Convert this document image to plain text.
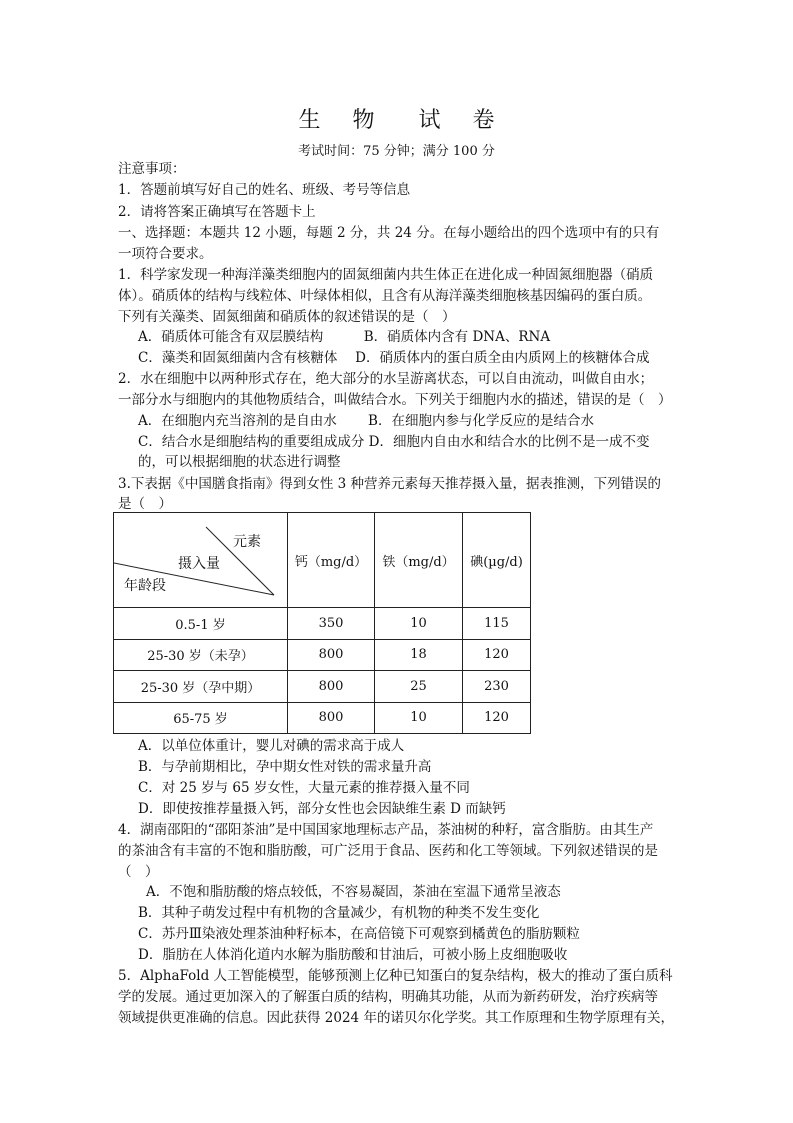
生 物 试 卷
考试时间：75 分钟；满分 100 分
注意事项：
1．答题前填写好自己的姓名、班级、考号等信息
2．请将答案正确填写在答题卡上
一、选择题：本题共 12 小题，每题 2 分，共 24 分。在每小题给出的四个选项中有的只有
一项符合要求。
1．科学家发现一种海洋藻类细胞内的固氮细菌内共生体正在进化成一种固氮细胞器（硝质
体）。硝质体的结构与线粒体、叶绿体相似，且含有从海洋藻类细胞核基因编码的蛋白质。
下列有关藻类、固氮细菌和硝质体的叙述错误的是（　）
A．硝质体可能含有双层膜结构　　　B．硝质体内含有 DNA、RNA
C．藻类和固氮细菌内含有核糖体　 D．硝质体内的蛋白质全由内质网上的核糖体合成
2．水在细胞中以两种形式存在，绝大部分的水呈游离状态，可以自由流动，叫做自由水；
一部分水与细胞内的其他物质结合，叫做结合水。下列关于细胞内水的描述，错误的是（　）
A．在细胞内充当溶剂的是自由水　　 B．在细胞内参与化学反应的是结合水
C．结合水是细胞结构的重要组成成分 D．细胞内自由水和结合水的比例不是一成不变
的，可以根据细胞的状态进行调整
3.下表据《中国膳食指南》得到女性 3 种营养元素每天推荐摄入量，据表推测，下列错误的
是（　）
元素
摄入量
年龄段	钙（mg/d）	铁（mg/d）	碘(µg/d)
0.5-1 岁	350	10	115
25-30 岁（未孕）	800	18	120
25-30 岁（孕中期）	800	25	230
65-75 岁	800	10	120
A．以单位体重计，婴儿对碘的需求高于成人
B．与孕前期相比，孕中期女性对铁的需求量升高
C．对 25 岁与 65 岁女性，大量元素的推荐摄入量不同
D．即使按推荐量摄入钙，部分女性也会因缺维生素 D 而缺钙
4．湖南邵阳的“邵阳茶油”是中国国家地理标志产品，茶油树的种籽，富含脂肪。由其生产
的茶油含有丰富的不饱和脂肪酸，可广泛用于食品、医药和化工等领域。下列叙述错误的是
（　）
A．不饱和脂肪酸的熔点较低，不容易凝固，茶油在室温下通常呈液态
B．其种子萌发过程中有机物的含量减少，有机物的种类不发生变化
C．苏丹Ⅲ染液处理茶油种籽标本，在高倍镜下可观察到橘黄色的脂肪颗粒
D．脂肪在人体消化道内水解为脂肪酸和甘油后，可被小肠上皮细胞吸收
5．AlphaFold 人工智能模型，能够预测上亿种已知蛋白的复杂结构，极大的推动了蛋白质科
学的发展。通过更加深入的了解蛋白质的结构，明确其功能，从而为新药研发，治疗疾病等
领域提供更准确的信息。因此获得 2024 年的诺贝尔化学奖。其工作原理和生物学原理有关，
